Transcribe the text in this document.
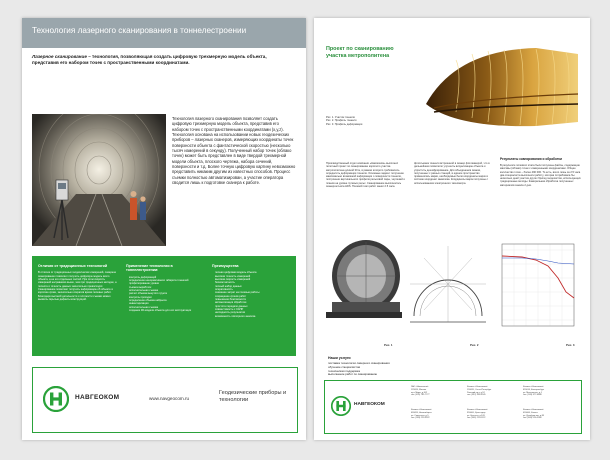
Технология лазерного сканирования в тоннелестроении
Лазерное сканирование – технология, позволяющая создать цифровую трехмерную модель объекта, представив его набором точек с пространственными координатами.
Технология лазерного сканирования позволяет создать цифровую трехмерную модель объекта, представив его набором точек с пространственными координатами (x,y,z). Технология основана на использовании новых геодезических приборов – лазерных сканеров, измеряющих координаты точек поверхности объекта с фантастической скоростью (несколько тысяч измерений в секунду). Полученный набор точек (облако точек) может быть представлен в виде твердой трехмерной модели объекта, плоского чертежа, набора сечений, поверхности и т.д. Более точную цифровую картину невозможно представить никаким другим из известных способов. Процесс съемки полностью автоматизирован, а участие оператора сводится лишь к подготовке сканера к работе.
Отличия от традиционных технологий

В отличие от традиционных геодезических измерений, лазерное сканирование позволяет получить цифровую модель всего объекта, а не его отдельных частей. При этом скорость измерений несравнимо выше, чем при традиционных методах, а полнота и точность данных значительно превосходят. Сканирование позволяет получить информацию об объекте в короткие сроки, значительно сократив время полевых работ. Благодаря высокой детальности и плотности съемки можно выявить скрытые дефекты конструкций.

Применение технологии в тоннелестроении:
контроль деформаций
определение ненормативного габарита тоннелей
профилирование уровня
съемка выработок
исполнительная съемка
расчет объема вынутого грунта
контроль проходки
определение объема набрызга
инвентаризация
исполнительная съемка
создание 3D-модели объекта для его эксплуатации
Преимущества
полная цифровая модель объекта
высокая точность измерений
высокая скорость измерений
бесконтактность
полный набор данных
оперативность
снижение затрат на полевые работы
сокращение сроков работ
повышение безопасности
автоматизация обработки
простота передачи данных
совместимость с САПР
наглядность результатов
возможность повторного анализа
НАВГЕОКОМ	www.navgeocom.ru
Геодезические приборы и технологии
Проект по сканированию участка метрополитена
Рис. 1. Участок тоннеля
Рис. 2. Профиль тоннеля
Рис. 3. Профиль деформации
Производственный отдел компании «Навгеоком» выполнил пилотный проект по сканированию короткого участка метрополитена длиной 30 м, в рамках которого требовалось определить деформации тоннеля. Основные задачи: получение максимально возможной информации о поверхности тоннеля, построение вертикального профиля рельсовой пары, чертежей и планов на уровне путевых рельс. Сканирование выполнялось сканером Leica HDS. Полевой этап работ занял 2.5 часа.
фотосъемка тоннеля встроенной в сканер фотокамерой, что в дальнейшем позволило улучшить визуализацию объекта и упростить дешифрирование. Для объединения сканов, полученных с разных станций, в единое пространство применялись марки, необходимые были координаты марок в системе координат заказчика. Координаты марок получены с использованием электронного тахеометра.
Результаты сканирования и обработки
В результате полевого этапа были получены файлы, содержащие массивы (облако) точек с измеренными координатами. Общее количество точек – более 490 000. То есть, всего лишь за 2.5 часа два специалиста выполнили работу, которая потребовала бы несколько дней участия других бригад геодезистов, использующих традиционные методы. Камеральная обработка полученных материалов заняла 2 дня.
Рис. 1	Рис. 2	Рис. 3
Наши услуги
поставка технологии лазерного сканирования
обучение специалистов
техническая поддержка
выполнение работ по сканированию
НАВГЕОКОМ
ЗАО «Навгеоком»
129626, Москва
пр-т Мира, д.102
тел: (495) 781-7777
Филиал «Навгеоком»
190020, Санкт-Петербург
Рижский пр-т, д.52
тел: (812) 336-3545
Филиал «Навгеоком»
620014, Екатеринбург
ул. Московская, д.1
тел: (343) 377-6688
Филиал «Навгеоком»
630099, Новосибирск
ул. Советская, д.5
тел: (383) 223-3322
Филиал «Навгеоком»
350000, Краснодар
ул. Красная, д.109
тел: (861) 210-1122
Филиал «Навгеоком»
420066, Казань
ул. Декабристов, д.85
тел: (843) 526-5566
